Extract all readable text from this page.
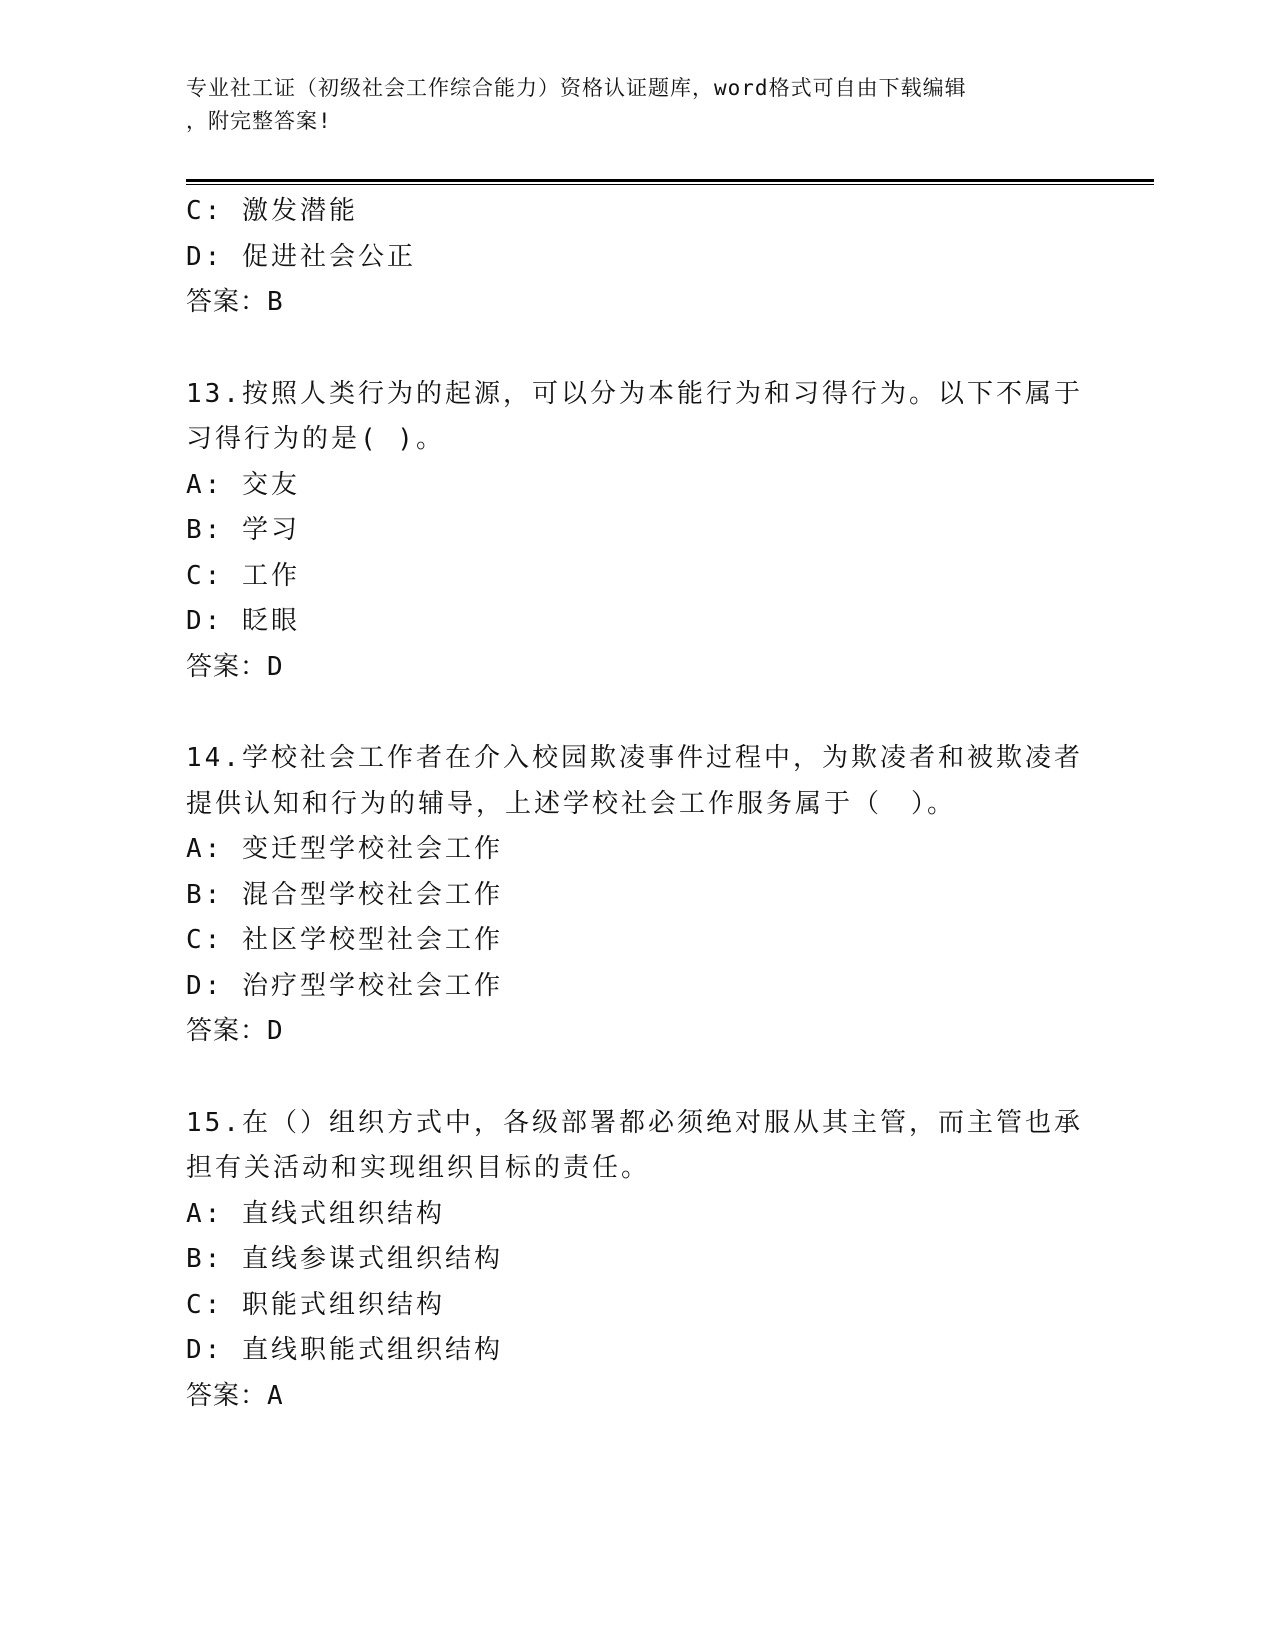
专业社工证（初级社会工作综合能力）资格认证题库，word格式可自由下载编辑
，附完整答案!
C: 激发潜能
D: 促进社会公正
答案：B
13.按照人类行为的起源，可以分为本能行为和习得行为。以下不属于
习得行为的是( )。
A: 交友
B: 学习
C: 工作
D: 眨眼
答案：D
14.学校社会工作者在介入校园欺凌事件过程中，为欺凌者和被欺凌者
提供认知和行为的辅导，上述学校社会工作服务属于（　）。
A: 变迁型学校社会工作
B: 混合型学校社会工作
C: 社区学校型社会工作
D: 治疗型学校社会工作
答案：D
15.在（）组织方式中，各级部署都必须绝对服从其主管，而主管也承
担有关活动和实现组织目标的责任。
A: 直线式组织结构
B: 直线参谋式组织结构
C: 职能式组织结构
D: 直线职能式组织结构
答案：A
